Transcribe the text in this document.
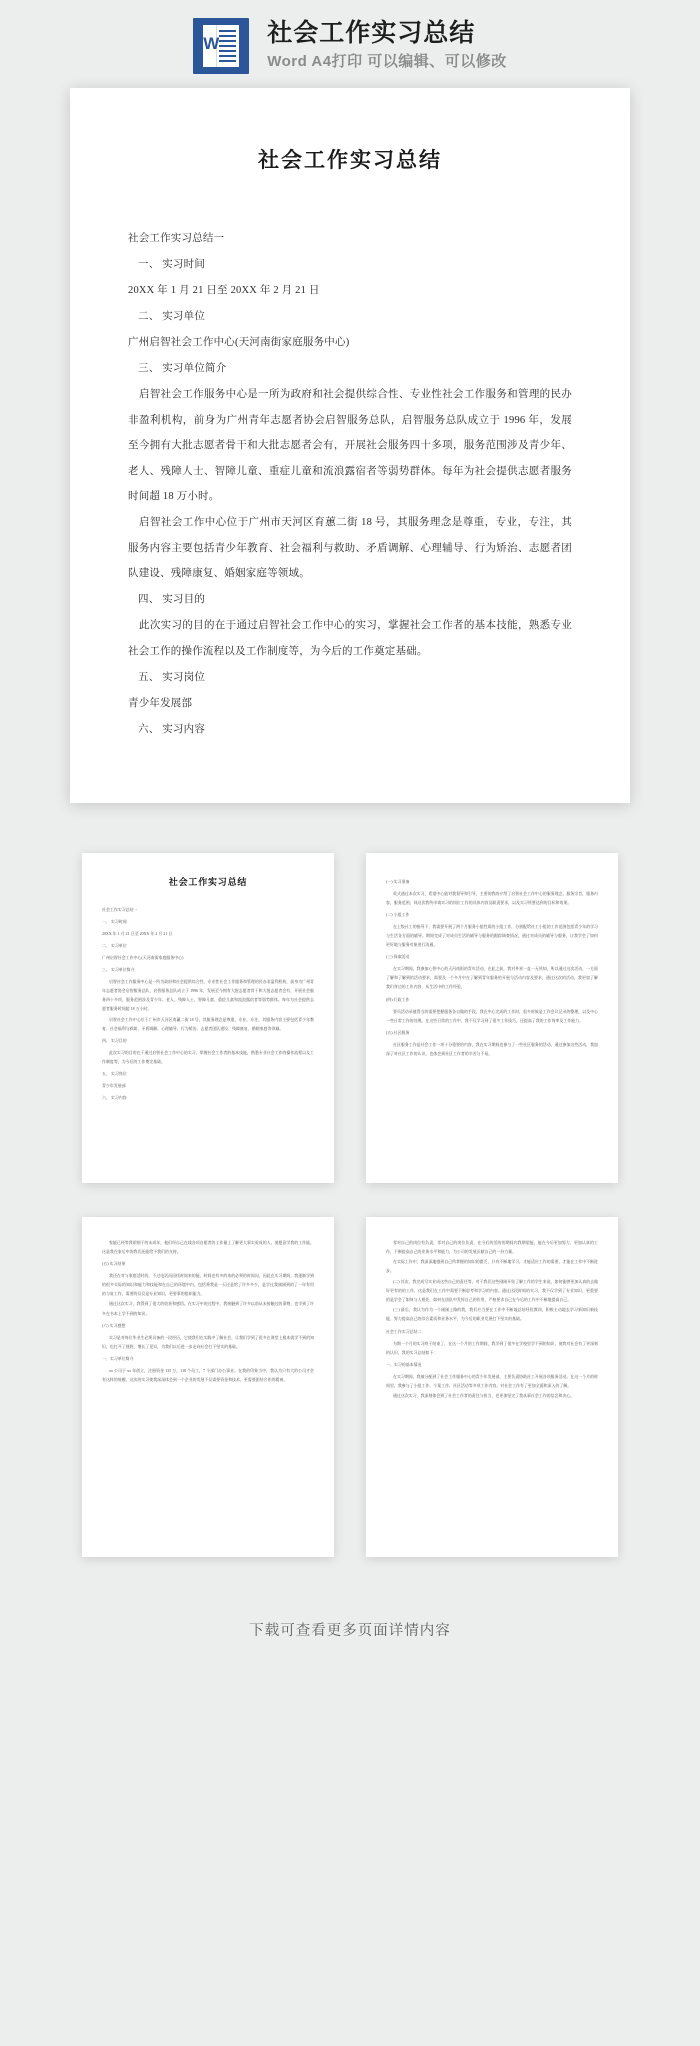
W 社会工作实习总结
Word A4打印 可以编辑、可以修改
社会工作实习总结

社会工作实习总结一

一、 实习时间

20XX 年 1 月 21 日至 20XX 年 2 月 21 日

二、 实习单位

广州启智社会工作中心(天河南街家庭服务中心)

三、 实习单位简介

启智社会工作服务中心是一所为政府和社会提供综合性、专业性社会工作服务和管理的民办非盈利机构，前身为广州青年志愿者协会启智服务总队，启智服务总队成立于 1996 年，发展至今拥有大批志愿者骨干和大批志愿者会有，开展社会服务四十多项，服务范围涉及青少年、老人、残障人士、智障儿童、重症儿童和流浪露宿者等弱势群体。每年为社会提供志愿者服务时间超 18 万小时。

启智社会工作中心位于广州市天河区育蕙二街 18 号，其服务理念是尊重，专业，专注，其服务内容主要包括青少年教育、社会福利与救助、矛盾调解、心理辅导、行为矫治、志愿者团队建设、残障康复、婚姻家庭等领域。

四、 实习目的

此次实习的目的在于通过启智社会工作中心的实习，掌握社会工作者的基本技能，熟悉专业社会工作的操作流程以及工作制度等，为今后的工作奠定基础。

五、 实习岗位

青少年发展部

六、 实习内容

社会工作实习总结

社会工作实习总结一

一、 实习时间

20XX 年 1 月 21 日至 20XX 年 2 月 21 日

二、 实习单位

广州启智社会工作中心(天河南街家庭服务中心)

三、 实习单位简介

启智社会工作服务中心是一所为政府和社会提供综合性、专业性社会工作服务和管理的民办非盈利机构，前身为广州青年志愿者协会启智服务总队，启智服务总队成立于 1996 年，发展至今拥有大批志愿者骨干和大批志愿者会有，开展社会服务四十多项，服务范围涉及青少年、老人、残障人士、智障儿童、重症儿童和流浪露宿者等弱势群体。每年为社会提供志愿者服务时间超 18 万小时。

启智社会工作中心位于广州市天河区育蕙二街 18 号，其服务理念是尊重，专业，专注，其服务内容主要包括青少年教育、社会福利与救助、矛盾调解、心理辅导、行为矫治、志愿者团队建设、残障康复、婚姻家庭等领域。

四、 实习目的

此次实习的目的在于通过启智社会工作中心的实习，掌握社会工作者的基本技能，熟悉专业社会工作的操作流程以及工作制度等，为今后的工作奠定基础。

五、 实习岗位

青少年发展部

六、 实习内容

(一) 实习准备

英式通过本次实习，希望中心能对我督导和引导，主要的我的介绍了启智社会工作中心的服务理念，服务宗旨，服务内容，服务范围，同这次我所申请实习的岗位工作的具体内容及职责要求，以及实习所要达到的目标和效果。

(二) 小组工作

在上级社工的指导下，我需要开展了两个月服务小组性质的小组工作，分别配给社工小组的工作范围包括青少年的学习与生活各方面的辅导。期间完成了对成员生活的辅导与服务的跟踪调查情况，通过对成员的辅导与服务，让我学会了如何更好地与服务对象进行沟通。

(三) 探索活动

在实习期间，我参加心智中心的天河南街的青年活动，在此之前，我对外界一直一无所知，所以通过这次活动，一方面了解和了解到的活动要求，需要及一个多月中在了解到青年服务的开展与活动内容及要求，通过这次的活动，我更加了解我们身边的工作内容，从生活中的工作经验。

(四) 行政工作

要员活动录值得当的需要把握服务各自做的手段，我在中心完成的工作时，很多时候是工作会议记录的整理，以及中心一些日常工作的处理。在这些日常的工作中，我不仅学习到了很多工作技巧，还提高了我的工作效率及工作能力。

(五) 社区服务

社区服务工作是社会工作一项十分重要的内容，我在实习期间也参与了一些社区服务的活动。通过参加这些活动，我加深了对社区工作的认识，也体会到社区工作者的辛苦与不易。

家能已经等我即刻于的未成年，他们经自己在线各项自愿者的工作量上了解更大事实验成的人，使愿意学我的工作能。这是我在家后中的我们还能给予我们的支持。

(五) 实习结果

我还在对与家庭活时的，不过电话而因找时间来的能，时间也有多的来的必须的时间问，因此在实习期间，我逐渐学到的很多实际的知识和能力和技能和在自己的环境中内，包括将我是一天还是给了许多多少，是学过我刚刚到的了一年有用的与复工作，需要的仅仅是专业知识，更要事的组织能力。

通过这次实习，我得到了很大的收获和感悟。在实习中的过程中，我接触到了许多以前从未接触过的事物，也学到了许多在书本上学不到的知识。

(六) 实习感想

实习是对每位毕业生必须具备的一段经历，它使我们在实践中了解社会，让我们学到了很多在课堂上根本就学不到的知识，也打开了视野，增长了见识，为我们以后进一步走向社会打下坚实的基础。

一、实习单位简介

xx 公司于 xx 年创立，注册资金 135 万，118 个员工，7 个部门办公事业。在我的印象当中，我认为只有大的公司才会有这样的规模，这次的实习使我深深体会到一个企业的发展不仅需要资金和技术，更需要团结合作的精神。

零对自己的岗位有负责，零对自己的岗位负责，在今后的活的的期间内我期望能，能在今后更加努力，更加认真的工作，不断提高自己的业务水平和能力，为公司的发展贡献自己的一份力量。

在实际工作中，我深深地感到自己所掌握的知识的匮乏，只有不断地学习，才能适应工作的需要，才能在工作中不断进步。

(二) 其次，我完成写实业成这些自己的责任等，对于我们这些刚刚开始了解工作的学生来说，如何能够更加认真的去做好更有的的工作，这是我们在工作中需要不断思考和学习的内容。通过这段时间的实习，我不仅学到了专业知识，更重要的是学会了如何与人相处，如何在团队中发挥自己的作用，严格要求自己在今后的工作中不断地提高自己。

(三) 最后，我认为作为一个刚刚上路的我，我们应当要在工作中不断地总结经验教训，积极主动地去学习新知识新技能，努力提高自己的综合素质和业务水平，为今后的职业发展打下坚实的基础。

社会工作实习总结二

为期一个月的实习终于结束了，在这一个月的工作期间，我学到了很多在学校里学不到的知识，使我对社会有了更深刻的认识，我的实习总结如下：

一、实习的基本情况

在实习期间，我被分配到了社会工作服务中心的青少年发展部，主要负责协助社工开展各项服务活动。在这一个月的时间里，我参与了小组工作、个案工作、社区活动等多项工作内容，对社会工作有了更加全面和深入的了解。

通过这次实习，我深刻体会到了社会工作者的责任与担当，也更加坚定了我从事社会工作的信念和决心。

下载可查看更多页面详情内容
